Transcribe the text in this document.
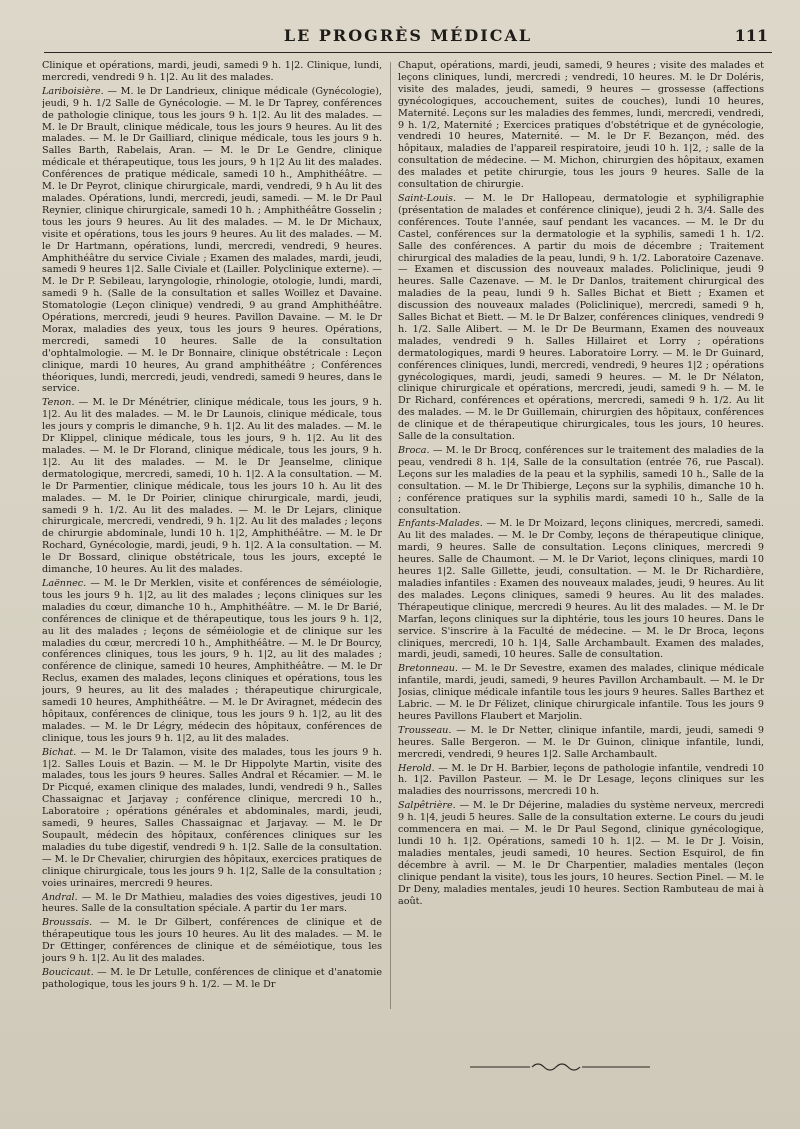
LE PROGRÈS MÉDICAL	111

Clinique et opérations, mardi, jeudi, samedi 9 h. 1|2. Clinique, lundi, mercredi, vendredi 9 h. 1|2. Au lit des malades.

Lariboisière. — M. le Dr Landrieux, clinique médicale (Gynécologie), jeudi, 9 h. 1/2 Salle de Gynécologie. — M. le Dr Taprey, conférences de pathologie clinique, tous les jours 9 h. 1|2. Au lit des malades. — M. le Dr Brault, clinique médicale, tous les jours 9 heures. Au lit des malades. — M. le Dr Gailliard, clinique médicale, tous les jours 9 h. Salles Barth, Rabelais, Aran. — M. le Dr Le Gendre, clinique médicale et thérapeutique, tous les jours, 9 h 1|2 Au lit des malades. Conférences de pratique médicale, samedi 10 h., Amphithéâtre. — M. le Dr Peyrot, clinique chirurgicale, mardi, vendredi, 9 h Au lit des malades. Opérations, lundi, mercredi, jeudi, samedi. — M. le Dr Paul Reynier, clinique chirurgicale, samedi 10 h. ; Amphithéâtre Gosselin ; tous les jours 9 heures. Au lit des malades. — M. le Dr Michaux, visite et opérations, tous les jours 9 heures. Au lit des malades. — M. le Dr Hartmann, opérations, lundi, mercredi, vendredi, 9 heures. Amphithéâtre du service Civiale ; Examen des malades, mardi, jeudi, samedi 9 heures 1|2. Salle Civiale et (Lailler. Polyclinique externe). — M. le Dr P. Sebileau, laryngologie, rhinologie, otologie, lundi, mardi, samedi 9 h. (Salle de la consultation et salles Woillez et Davaine. Stomatologie (Leçon clinique) vendredi, 9 au grand Amphithéâtre. Opérations, mercredi, jeudi 9 heures. Pavillon Davaine. — M. le Dr Morax, maladies des yeux, tous les jours 9 heures. Opérations, mercredi, samedi 10 heures. Salle de la consultation d'ophtalmologie. — M. le Dr Bonnaire, clinique obstétricale : Leçon clinique, mardi 10 heures, Au grand amphithéâtre ; Conférences théoriques, lundi, mercredi, jeudi, vendredi, samedi 9 heures, dans le service.

Tenon. — M. le Dr Ménétrier, clinique médicale, tous les jours, 9 h. 1|2. Au lit des malades. — M. le Dr Launois, clinique médicale, tous les jours y compris le dimanche, 9 h. 1|2. Au lit des malades. — M. le Dr Klippel, clinique médicale, tous les jours, 9 h. 1|2. Au lit des malades. — M. le Dr Florand, clinique médicale, tous les jours, 9 h. 1|2. Au lit des malades. — M. le Dr Jeanselme, clinique dermatologique, mercredi, samedi, 10 h. 1|2. A la consultation. — M. le Dr Parmentier, clinique médicale, tous les jours 10 h. Au lit des malades. — M. le Dr Poirier, clinique chirurgicale, mardi, jeudi, samedi 9 h. 1/2. Au lit des malades. — M. le Dr Lejars, clinique chirurgicale, mercredi, vendredi, 9 h. 1|2. Au lit des malades ; leçons de chirurgie abdominale, lundi 10 h. 1|2, Amphithéâtre. — M. le Dr Rochard, Gynécologie, mardi, jeudi, 9 h. 1|2. A la consultation. — M. le Dr Bossard, clinique obstétricale, tous les jours, excepté le dimanche, 10 heures. Au lit des malades.

Laënnec. — M. le Dr Merklen, visite et conférences de séméiologie, tous les jours 9 h. 1|2, au lit des malades ; leçons cliniques sur les maladies du cœur, dimanche 10 h., Amphithéâtre. — M. le Dr Barié, conférences de clinique et de thérapeutique, tous les jours 9 h. 1|2, au lit des malades ; leçons de séméiologie et de clinique sur les maladies du cœur, mercredi 10 h., Amphithéâtre. — M. le Dr Bourcy, conférences cliniques, tous les jours, 9 h. 1|2, au lit des malades ; conférence de clinique, samedi 10 heures, Amphithéâtre. — M. le Dr Reclus, examen des malades, leçons cliniques et opérations, tous les jours, 9 heures, au lit des malades ; thérapeutique chirurgicale, samedi 10 heures, Amphithéâtre. — M. le Dr Aviragnet, médecin des hôpitaux, conférences de clinique, tous les jours 9 h. 1|2, au lit des malades. — M. le Dr Légry, médecin des hôpitaux, conférences de clinique, tous les jours 9 h. 1|2, au lit des malades.

Bichat. — M. le Dr Talamon, visite des malades, tous les jours 9 h. 1|2. Salles Louis et Bazin. — M. le Dr Hippolyte Martin, visite des malades, tous les jours 9 heures. Salles Andral et Récamier. — M. le Dr Picqué, examen clinique des malades, lundi, vendredi 9 h., Salles Chassaignac et Jarjavay ; conférence clinique, mercredi 10 h., Laboratoire ; opérations générales et abdominales, mardi, jeudi, samedi, 9 heures, Salles Chassaignac et Jarjavay. — M. le Dr Soupault, médecin des hôpitaux, conférences cliniques sur les maladies du tube digestif, vendredi 9 h. 1|2. Salle de la consultation. — M. le Dr Chevalier, chirurgien des hôpitaux, exercices pratiques de clinique chirurgicale, tous les jours 9 h. 1|2, Salle de la consultation ; voies urinaires, mercredi 9 heures.

Andral. — M. le Dr Mathieu, maladies des voies digestives, jeudi 10 heures. Salle de la consultation spéciale. A partir du 1er mars.

Broussais. — M. le Dr Gilbert, conférences de clinique et de thérapeutique tous les jours 10 heures. Au lit des malades. — M. le Dr Œttinger, conférences de clinique et de séméiotique, tous les jours 9 h. 1|2. Au lit des malades.

Boucicaut. — M. le Dr Letulle, conférences de clinique et d'anatomie pathologique, tous les jours 9 h. 1/2. — M. le Dr

Chaput, opérations, mardi, jeudi, samedi, 9 heures ; visite des malades et leçons cliniques, lundi, mercredi ; vendredi, 10 heures. M. le Dr Doléris, visite des malades, jeudi, samedi, 9 heures — grossesse (affections gynécologiques, accouchement, suites de couches), lundi 10 heures, Maternité. Leçons sur les maladies des femmes, lundi, mercredi, vendredi, 9 h. 1/2, Maternité ; Exercices pratiques d'obstétrique et de gynécologie, vendredi 10 heures, Maternité. — M. le Dr F. Bezançon, méd. des hôpitaux, maladies de l'appareil respiratoire, jeudi 10 h. 1|2, ; salle de la consultation de médecine. — M. Michon, chirurgien des hôpitaux, examen des malades et petite chirurgie, tous les jours 9 heures. Salle de la consultation de chirurgie.

Saint-Louis. — M. le Dr Hallopeau, dermatologie et syphiligraphie (présentation de malades et conférence clinique), jeudi 2 h. 3/4. Salle des conférences. Toute l'année, sauf pendant les vacances. — M. le Dr du Castel, conférences sur la dermatologie et la syphilis, samedi 1 h. 1/2. Salle des conférences. A partir du mois de décembre ; Traitement chirurgical des maladies de la peau, lundi, 9 h. 1/2. Laboratoire Cazenave. — Examen et discussion des nouveaux malades. Policlinique, jeudi 9 heures. Salle Cazenave. — M. le Dr Danlos, traitement chirurgical des maladies de la peau, lundi 9 h. Salles Bichat et Biett ; Examen et discussion des nouveaux malades (Policlinique), mercredi, samedi 9 h, Salles Bichat et Biett. — M. le Dr Balzer, conférences cliniques, vendredi 9 h. 1/2. Salle Alibert. — M. le Dr De Beurmann, Examen des nouveaux malades, vendredi 9 h. Salles Hillairet et Lorry ; opérations dermatologiques, mardi 9 heures. Laboratoire Lorry. — M. le Dr Guinard, conférences cliniques, lundi, mercredi, vendredi, 9 heures 1|2 ; opérations gynécologiques, mardi, jeudi, samedi 9 heures. — M. le Dr Nélaton, clinique chirurgicale et opérations, mercredi, jeudi, samedi 9 h. — M. le Dr Richard, conférences et opérations, mercredi, samedi 9 h. 1/2. Au lit des malades. — M. le Dr Guillemain, chirurgien des hôpitaux, conférences de clinique et de thérapeutique chirurgicales, tous les jours, 10 heures. Salle de la consultation.

Broca. — M. le Dr Brocq, conférences sur le traitement des maladies de la peau, vendredi 8 h. 1|4, Salle de la consultation (entrée 76, rue Pascal). Leçons sur les maladies de la peau et la syphilis, samedi 10 h., Salle de la consultation. — M. le Dr Thibierge, Leçons sur la syphilis, dimanche 10 h. ; conférence pratiques sur la syphilis mardi, samedi 10 h., Salle de la consultation.

Enfants-Malades. — M. le Dr Moizard, leçons cliniques, mercredi, samedi. Au lit des malades. — M. le Dr Comby, leçons de thérapeutique clinique, mardi, 9 heures. Salle de consultation. Leçons cliniques, mercredi 9 heures. Salle de Chaumont. — M. le Dr Variot, leçons cliniques, mardi 10 heures 1|2. Salle Gillette, jeudi, consultation. — M. le Dr Richardière, maladies infantiles : Examen des nouveaux malades, jeudi, 9 heures. Au lit des malades. Leçons cliniques, samedi 9 heures. Au lit des malades. Thérapeutique clinique, mercredi 9 heures. Au lit des malades. — M. le Dr Marfan, leçons cliniques sur la diphtérie, tous les jours 10 heures. Dans le service. S'inscrire à la Faculté de médecine. — M. le Dr Broca, leçons cliniques, mercredi, 10 h. 1|4, Salle Archambault. Examen des malades, mardi, jeudi, samedi, 10 heures. Salle de consultation.

Bretonneau. — M. le Dr Sevestre, examen des malades, clinique médicale infantile, mardi, jeudi, samedi, 9 heures Pavillon Archambault. — M. le Dr Josias, clinique médicale infantile tous les jours 9 heures. Salles Barthez et Labric. — M. le Dr Félizet, clinique chirurgicale infantile. Tous les jours 9 heures Pavillons Flaubert et Marjolin.

Trousseau. — M. le Dr Netter, clinique infantile, mardi, jeudi, samedi 9 heures. Salle Bergeron. — M. le Dr Guinon, clinique infantile, lundi, mercredi, vendredi, 9 heures 1|2. Salle Archambault.

Herold. — M. le Dr H. Barbier, leçons de pathologie infantile, vendredi 10 h. 1|2. Pavillon Pasteur. — M. le Dr Lesage, leçons cliniques sur les maladies des nourrissons, mercredi 10 h.

Salpêtrière. — M. le Dr Déjerine, maladies du système nerveux, mercredi 9 h. 1|4, jeudi 5 heures. Salle de la consultation externe. Le cours du jeudi commencera en mai. — M. le Dr Paul Segond, clinique gynécologique, lundi 10 h. 1|2. Opérations, samedi 10 h. 1|2. — M. le Dr J. Voisin, maladies mentales, jeudi samedi, 10 heures. Section Esquirol, de fin décembre à avril. — M. le Dr Charpentier, maladies mentales (leçon clinique pendant la visite), tous les jours, 10 heures. Section Pinel. — M. le Dr Deny, maladies mentales, jeudi 10 heures. Section Rambuteau de mai à août.
